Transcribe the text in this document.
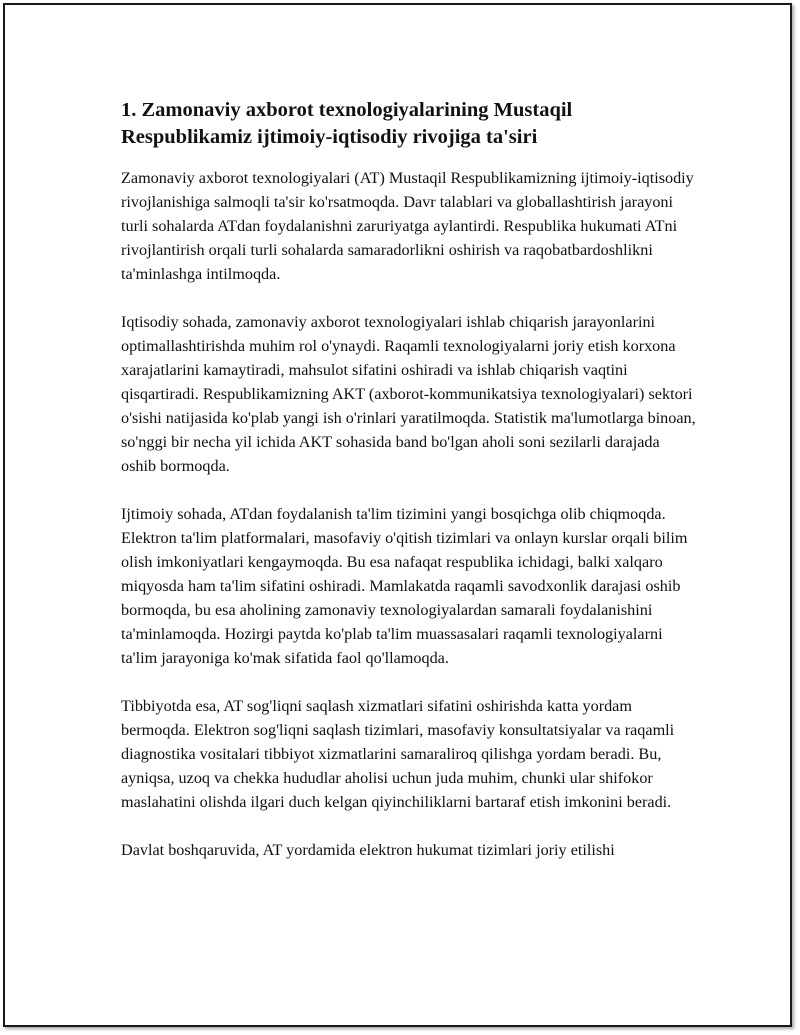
1. Zamonaviy axborot texnologiyalarining Mustaqil Respublikamiz ijtimoiy-iqtisodiy rivojiga ta'siri

Zamonaviy axborot texnologiyalari (AT) Mustaqil Respublikamizning ijtimoiy-iqtisodiy rivojlanishiga salmoqli ta'sir ko'rsatmoqda. Davr talablari va globallashtirish jarayoni turli sohalarda ATdan foydalanishni zaruriyatga aylantirdi. Respublika hukumati ATni rivojlantirish orqali turli sohalarda samaradorlikni oshirish va raqobatbardoshlikni ta'minlashga intilmoqda.

Iqtisodiy sohada, zamonaviy axborot texnologiyalari ishlab chiqarish jarayonlarini optimallashtirishda muhim rol o'ynaydi. Raqamli texnologiyalarni joriy etish korxona xarajatlarini kamaytiradi, mahsulot sifatini oshiradi va ishlab chiqarish vaqtini qisqartiradi. Respublikamizning AKT (axborot-kommunikatsiya texnologiyalari) sektori o'sishi natijasida ko'plab yangi ish o'rinlari yaratilmoqda. Statistik ma'lumotlarga binoan, so'nggi bir necha yil ichida AKT sohasida band bo'lgan aholi soni sezilarli darajada oshib bormoqda.

Ijtimoiy sohada, ATdan foydalanish ta'lim tizimini yangi bosqichga olib chiqmoqda. Elektron ta'lim platformalari, masofaviy o'qitish tizimlari va onlayn kurslar orqali bilim olish imkoniyatlari kengaymoqda. Bu esa nafaqat respublika ichidagi, balki xalqaro miqyosda ham ta'lim sifatini oshiradi. Mamlakatda raqamli savodxonlik darajasi oshib bormoqda, bu esa aholining zamonaviy texnologiyalardan samarali foydalanishini ta'minlamoqda. Hozirgi paytda ko'plab ta'lim muassasalari raqamli texnologiyalarni ta'lim jarayoniga ko'mak sifatida faol qo'llamoqda.

Tibbiyotda esa, AT sog'liqni saqlash xizmatlari sifatini oshirishda katta yordam bermoqda. Elektron sog'liqni saqlash tizimlari, masofaviy konsultatsiyalar va raqamli diagnostika vositalari tibbiyot xizmatlarini samaraliroq qilishga yordam beradi. Bu, ayniqsa, uzoq va chekka hududlar aholisi uchun juda muhim, chunki ular shifokor maslahatini olishda ilgari duch kelgan qiyinchiliklarni bartaraf etish imkonini beradi.

Davlat boshqaruvida, AT yordamida elektron hukumat tizimlari joriy etilishi
